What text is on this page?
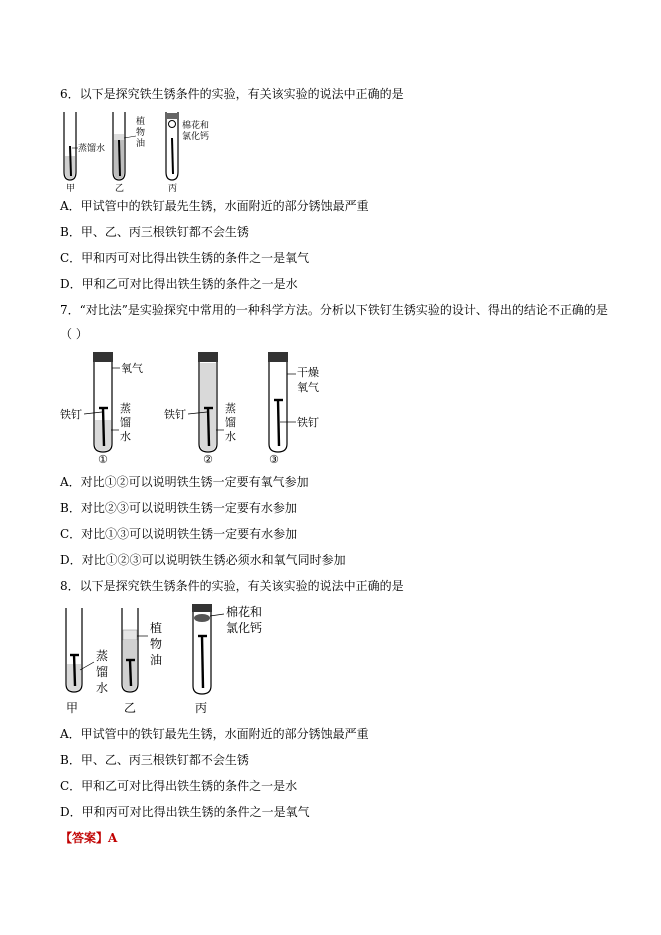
6．以下是探究铁生锈条件的实验，有关该实验的说法中正确的是
蒸馏水
植
物
油
棉花和
氯化钙
甲	乙	丙
A．甲试管中的铁钉最先生锈，水面附近的部分锈蚀最严重
B．甲、乙、丙三根铁钉都不会生锈
C．甲和丙可对比得出铁生锈的条件之一是氧气
D．甲和乙可对比得出铁生锈的条件之一是水
7．“对比法”是实验探究中常用的一种科学方法。分析以下铁钉生锈实验的设计、得出的结论不正确的是
（ ）
氧气
铁钉	蒸
馏
水
①
铁钉	蒸
馏
水
②
干燥
氧气
铁钉
③
A．对比①②可以说明铁生锈一定要有氧气参加
B．对比②③可以说明铁生锈一定要有水参加
C．对比①③可以说明铁生锈一定要有水参加
D．对比①②③可以说明铁生锈必须水和氧气同时参加
8．以下是探究铁生锈条件的实验，有关该实验的说法中正确的是
蒸
馏
水
甲
植
物
油
乙
棉花和
氯化钙
丙
A．甲试管中的铁钉最先生锈，水面附近的部分锈蚀最严重
B．甲、乙、丙三根铁钉都不会生锈
C．甲和乙可对比得出铁生锈的条件之一是水
D．甲和丙可对比得出铁生锈的条件之一是氧气
【答案】A
